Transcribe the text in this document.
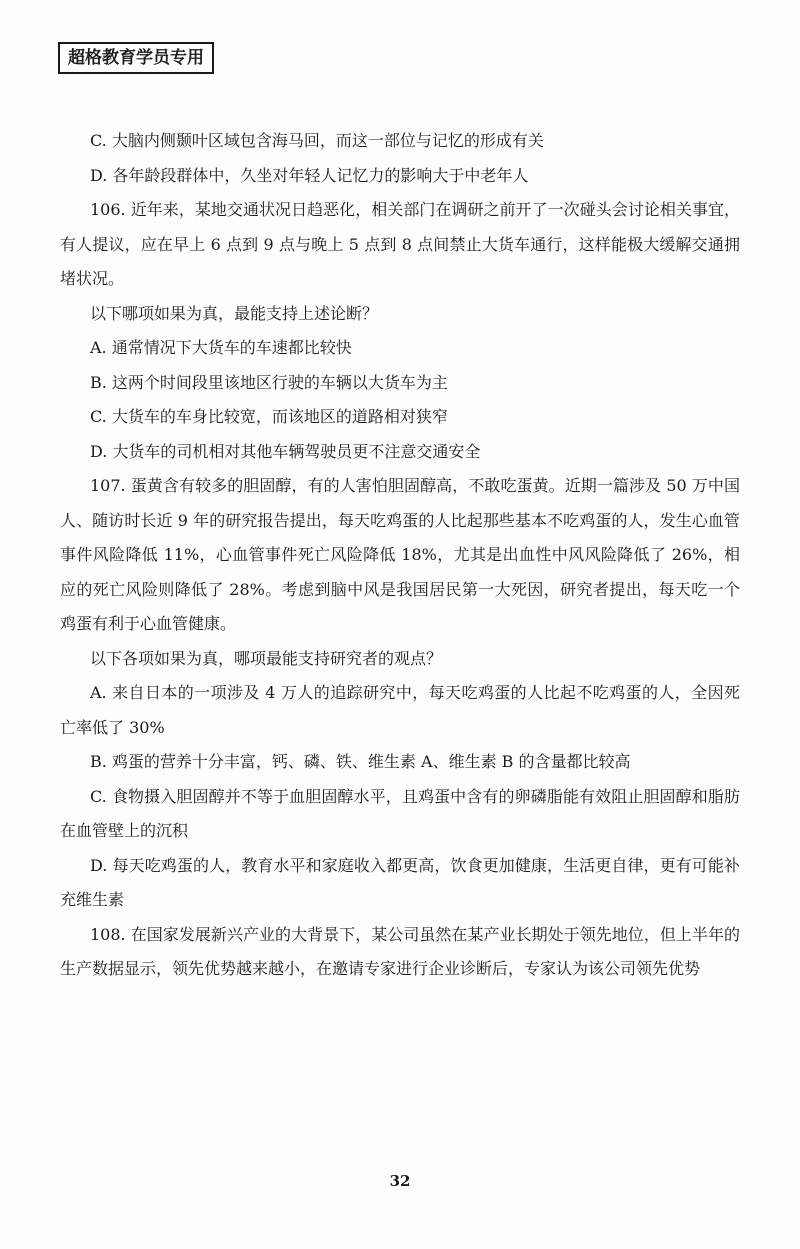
超格教育学员专用

C. 大脑内侧颞叶区域包含海马回，而这一部位与记忆的形成有关

D. 各年龄段群体中，久坐对年轻人记忆力的影响大于中老年人

106. 近年来，某地交通状况日趋恶化，相关部门在调研之前开了一次碰头会讨论相关事宜，有人提议，应在早上 6 点到 9 点与晚上 5 点到 8 点间禁止大货车通行，这样能极大缓解交通拥堵状况。

以下哪项如果为真，最能支持上述论断？

A. 通常情况下大货车的车速都比较快

B. 这两个时间段里该地区行驶的车辆以大货车为主

C. 大货车的车身比较宽，而该地区的道路相对狭窄

D. 大货车的司机相对其他车辆驾驶员更不注意交通安全

107. 蛋黄含有较多的胆固醇，有的人害怕胆固醇高，不敢吃蛋黄。近期一篇涉及 50 万中国人、随访时长近 9 年的研究报告提出，每天吃鸡蛋的人比起那些基本不吃鸡蛋的人，发生心血管事件风险降低 11%，心血管事件死亡风险降低 18%，尤其是出血性中风风险降低了 26%，相应的死亡风险则降低了 28%。考虑到脑中风是我国居民第一大死因，研究者提出，每天吃一个鸡蛋有利于心血管健康。

以下各项如果为真，哪项最能支持研究者的观点？

A. 来自日本的一项涉及 4 万人的追踪研究中，每天吃鸡蛋的人比起不吃鸡蛋的人，全因死亡率低了 30%

B. 鸡蛋的营养十分丰富，钙、磷、铁、维生素 A、维生素 B 的含量都比较高

C. 食物摄入胆固醇并不等于血胆固醇水平，且鸡蛋中含有的卵磷脂能有效阻止胆固醇和脂肪在血管壁上的沉积

D. 每天吃鸡蛋的人，教育水平和家庭收入都更高，饮食更加健康，生活更自律，更有可能补充维生素

108. 在国家发展新兴产业的大背景下，某公司虽然在某产业长期处于领先地位，但上半年的生产数据显示，领先优势越来越小，在邀请专家进行企业诊断后，专家认为该公司领先优势

32
